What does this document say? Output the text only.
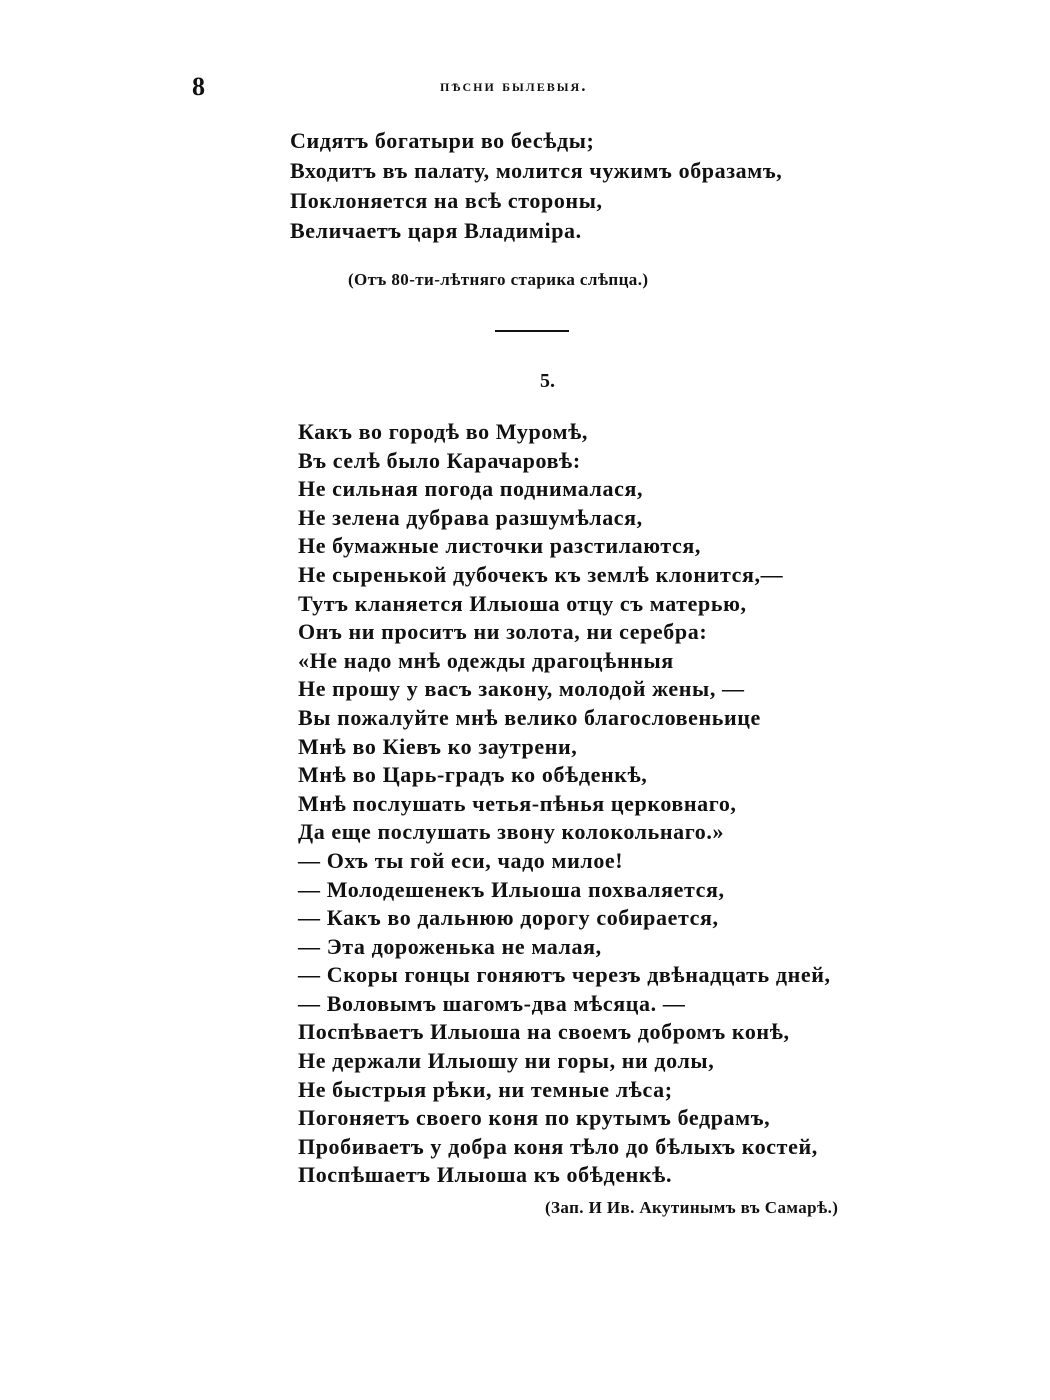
8	пѣсни былевыя.
Сидятъ богатыри во бесѣды;
Входитъ въ палату, молится чужимъ образамъ,
Поклоняется на всѣ стороны,
Величаетъ царя Владиміра.
(Отъ 80-ти-лѣтняго старика слѣпца.)
5.
Какъ во городѣ во Муромѣ,
Въ селѣ было Карачаровѣ:
Не сильная погода поднималася,
Не зелена дубрава разшумѣлася,
Не бумажные листочки разстилаются,
Не сыренькой дубочекъ къ землѣ клонится,—
Тутъ кланяется Илыоша отцу съ матерью,
Онъ ни проситъ ни золота, ни серебра:
«Не надо мнѣ одежды драгоцѣнныя
Не прошу у васъ закону, молодой жены, —
Вы пожалуйте мнѣ велико благословеньице
Мнѣ во Кіевъ ко заутрени,
Мнѣ во Царь-градъ ко обѣденкѣ,
Мнѣ послушать четья-пѣнья церковнаго,
Да еще послушать звону колокольнаго.»
— Охъ ты гой еси, чадо милое!
— Молодешенекъ Илыоша похваляется,
— Какъ во дальнюю дорогу собирается,
— Эта дороженька не малая,
— Скоры гонцы гоняютъ черезъ двѣнадцать дней,
— Воловымъ шагомъ-два мѣсяца. —
Поспѣваетъ Илыоша на своемъ добромъ конѣ,
Не держали Илыошу ни горы, ни долы,
Не быстрыя рѣки, ни темные лѣса;
Погоняетъ своего коня по крутымъ бедрамъ,
Пробиваетъ у добра коня тѣло до бѣлыхъ костей,
Поспѣшаетъ Илыоша къ обѣденкѣ.
(Зап. И Ив. Акутинымъ въ Самарѣ.)
